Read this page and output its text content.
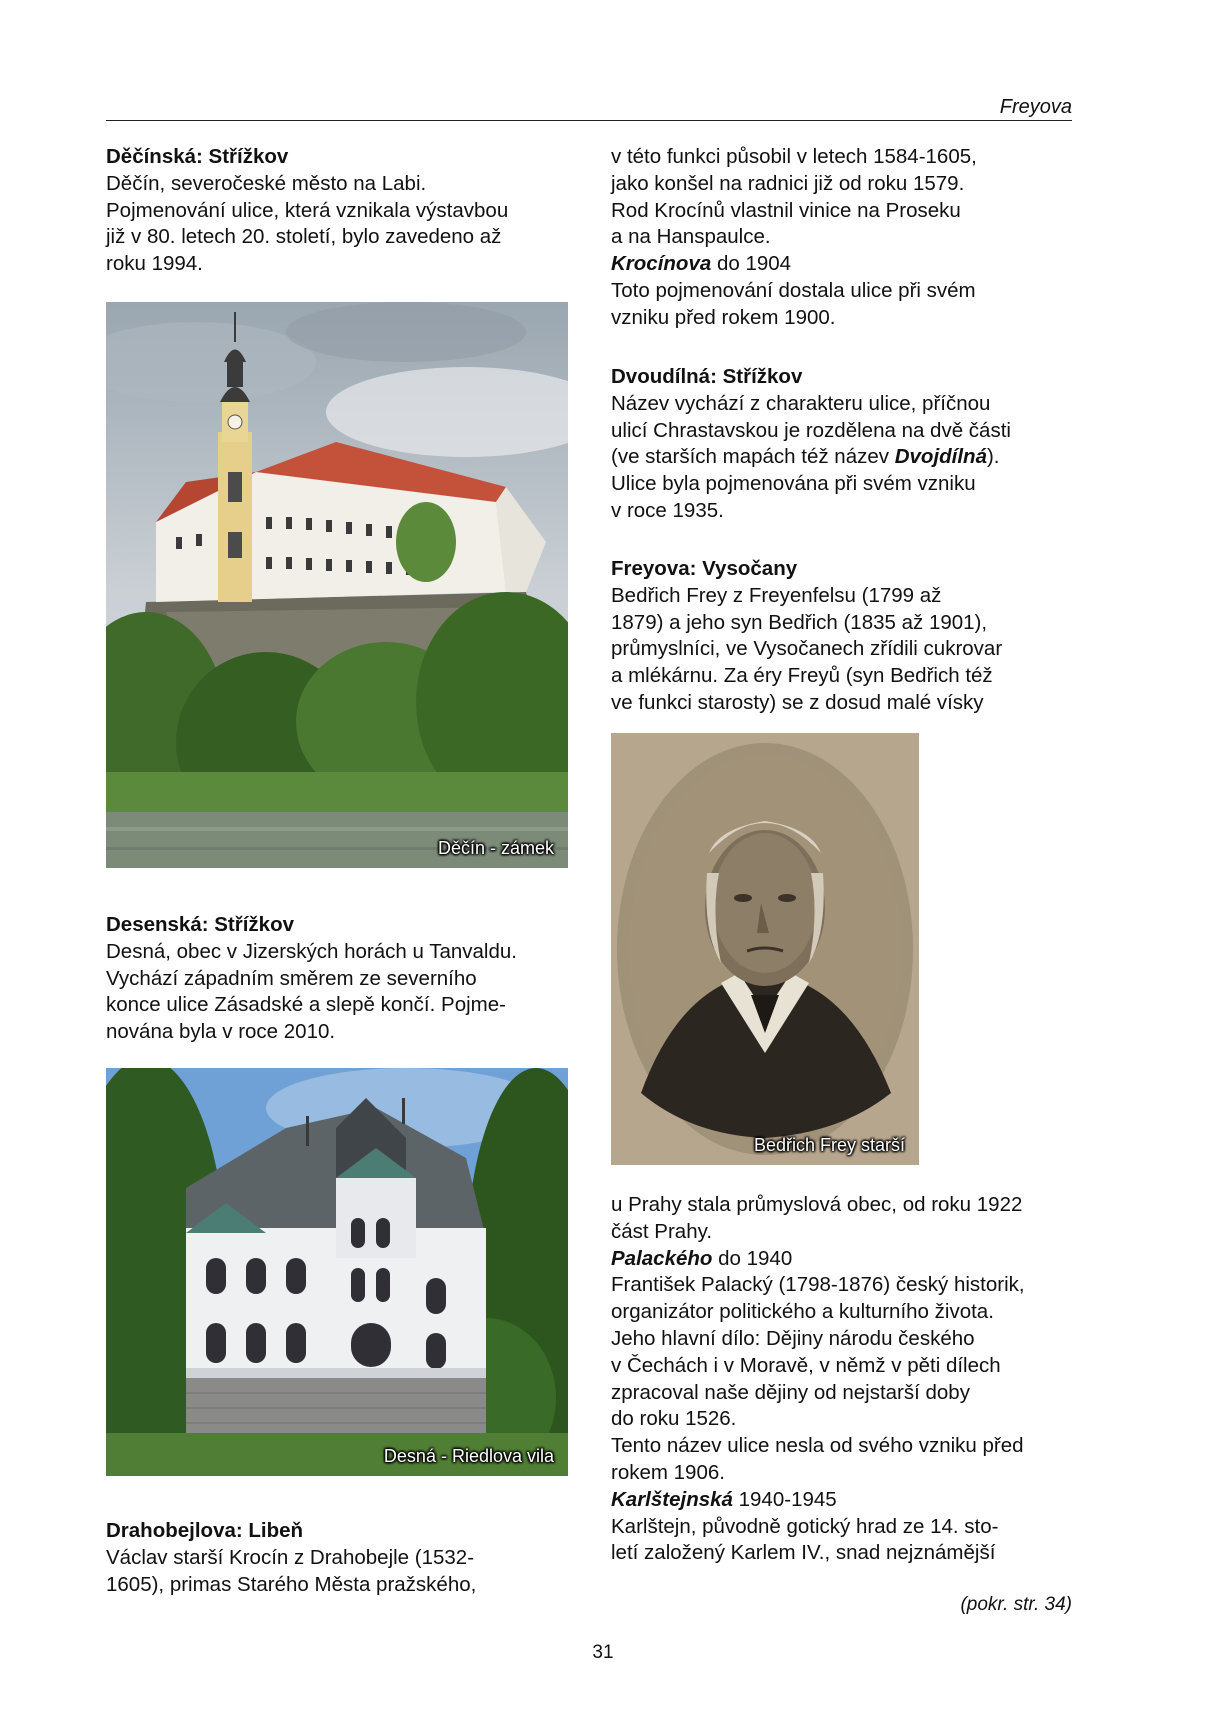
Freyova

Děčínská: Střížkov

Děčín, severočeské město na Labi.

Pojmenování ulice, která vznikala výstavbou

již v 80. letech 20. století, bylo zavedeno až

roku 1994.

Děčín - zámek

Desenská: Střížkov

Desná, obec v Jizerských horách u Tanvaldu.

Vychází západním směrem ze severního

konce ulice Zásadské a slepě končí. Pojme-

nována byla v roce 2010.

Desná - Riedlova vila

Drahobejlova: Libeň

Václav starší Krocín z Drahobejle (1532-

1605), primas Starého Města pražského,

v této funkci působil v letech 1584-1605,

jako konšel na radnici již od roku 1579.

Rod Krocínů vlastnil vinice na Proseku

a na Hanspaulce.

Krocínova do 1904

Toto pojmenování dostala ulice při svém

vzniku před rokem 1900.

Dvoudílná: Střížkov

Název vychází z charakteru ulice, příčnou

ulicí Chrastavskou je rozdělena na dvě části

(ve starších mapách též název Dvojdílná).

Ulice byla pojmenována při svém vzniku

v roce 1935.

Freyova: Vysočany

Bedřich Frey z Freyenfelsu (1799 až

1879) a jeho syn Bedřich (1835 až 1901),

průmyslníci, ve Vysočanech zřídili cukrovar

a mlékárnu. Za éry Freyů (syn Bedřich též

ve funkci starosty) se z dosud malé vísky

Bedřich Frey starší

u Prahy stala průmyslová obec, od roku 1922

část Prahy.

Palackého do 1940

František Palacký (1798-1876) český historik,

organizátor politického a kulturního života.

Jeho hlavní dílo: Dějiny národu českého

v Čechách i v Moravě, v němž v pěti dílech

zpracoval naše dějiny od nejstarší doby

do roku 1526.

Tento název ulice nesla od svého vzniku před

rokem 1906.

Karlštejnská 1940-1945

Karlštejn, původně gotický hrad ze 14. sto-

letí založený Karlem IV., snad nejznámější

(pokr. str. 34)
31
